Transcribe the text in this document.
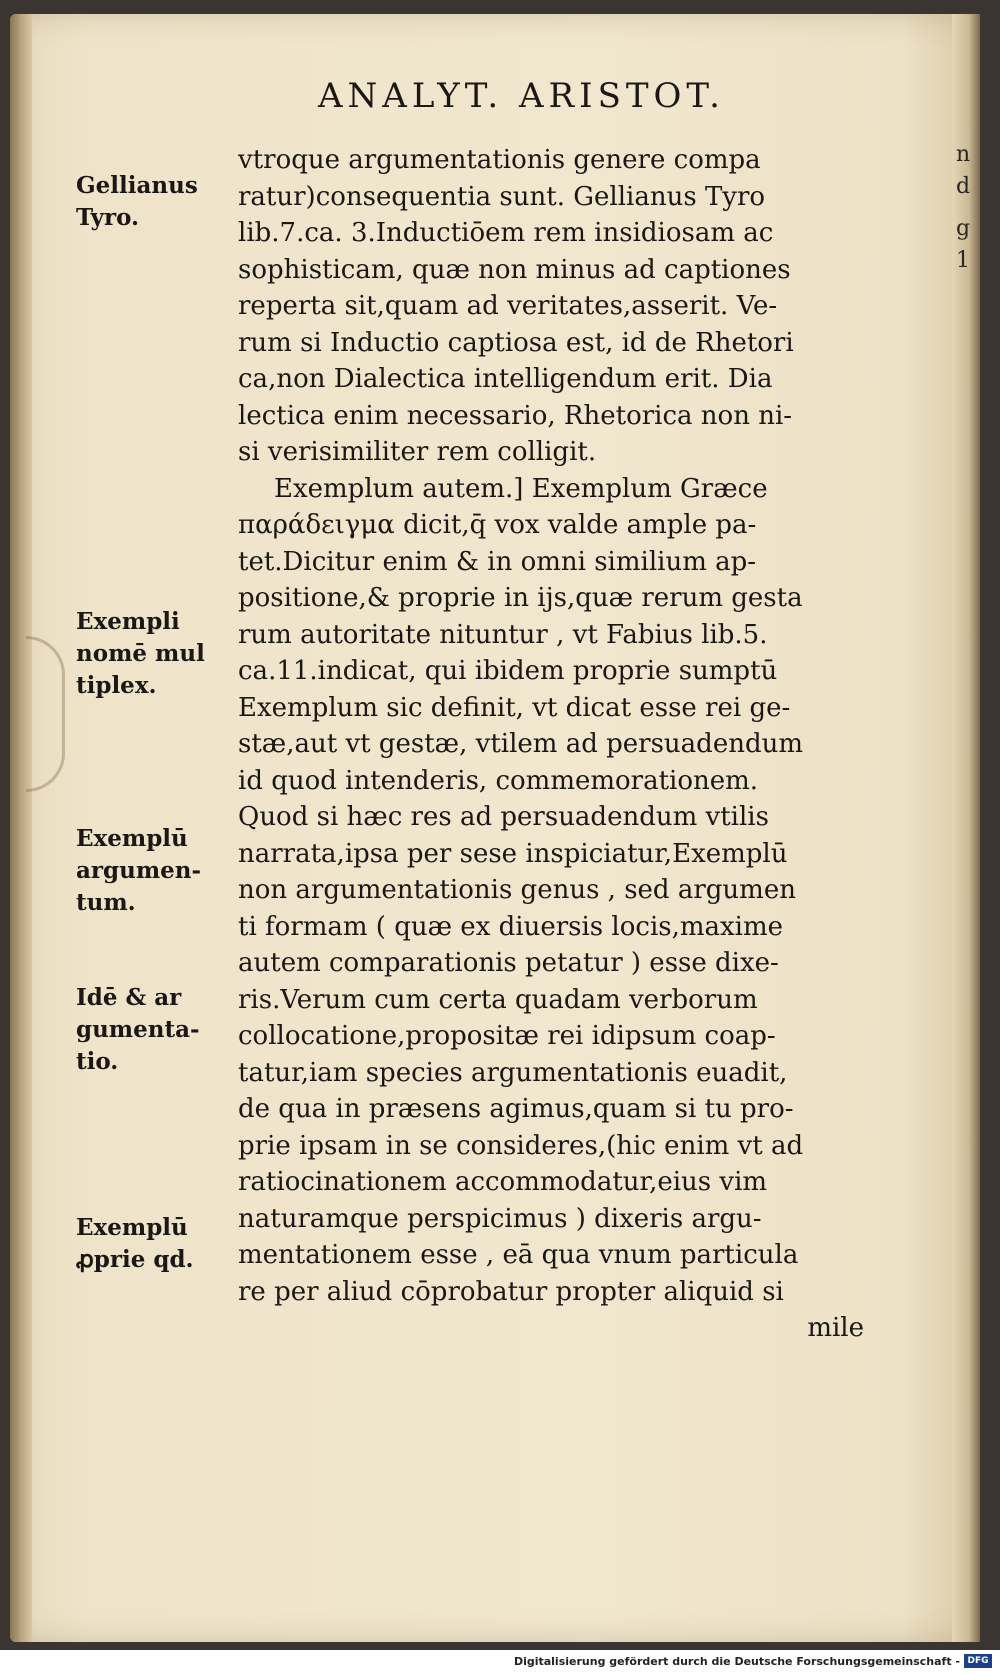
n
d
g
1
ANALYT. ARISTOT.
Gellianus
Tyro.
Exempli
nomē mul
tiplex.
Exemplū
argumen-
tum.
Idē & ar
gumenta-
tio.
Exemplū
ꝓprie qd.
vtroque argumentationis genere compa
ratur)consequentia sunt. Gellianus Tyro
lib.7.ca. 3.Inductiōem rem insidiosam ac
sophisticam, quæ non minus ad captiones
reperta sit,quam ad veritates,asserit. Ve-
rum si Inductio captiosa est, id de Rhetori
ca,non Dialectica intelligendum erit. Dia
lectica enim necessario, Rhetorica non ni-
si verisimiliter rem colligit.
Exemplum autem.] Exemplum Græce
παράδειγμα dicit,q̄ vox valde ample pa-
tet.Dicitur enim & in omni similium ap-
positione,& proprie in ijs,quæ rerum gesta
rum autoritate nituntur , vt Fabius lib.5.
ca.11.indicat, qui ibidem proprie sumptū
Exemplum sic definit, vt dicat esse rei ge-
stæ,aut vt gestæ, vtilem ad persuadendum
id quod intenderis, commemorationem.
Quod si hæc res ad persuadendum vtilis
narrata,ipsa per sese inspiciatur,Exemplū
non argumentationis genus , sed argumen
ti formam ( quæ ex diuersis locis,maxime
autem comparationis petatur ) esse dixe-
ris.Verum cum certa quadam verborum
collocatione,propositæ rei idipsum coap-
tatur,iam species argumentationis euadit,
de qua in præsens agimus,quam si tu pro-
prie ipsam in se consideres,(hic enim vt ad
ratiocinationem accommodatur,eius vim
naturamque perspicimus ) dixeris argu-
mentationem esse , eā qua vnum particula
re per aliud cōprobatur propter aliquid si
mile
Digitalisierung gefördert durch die Deutsche Forschungsgemeinschaft - DFG
